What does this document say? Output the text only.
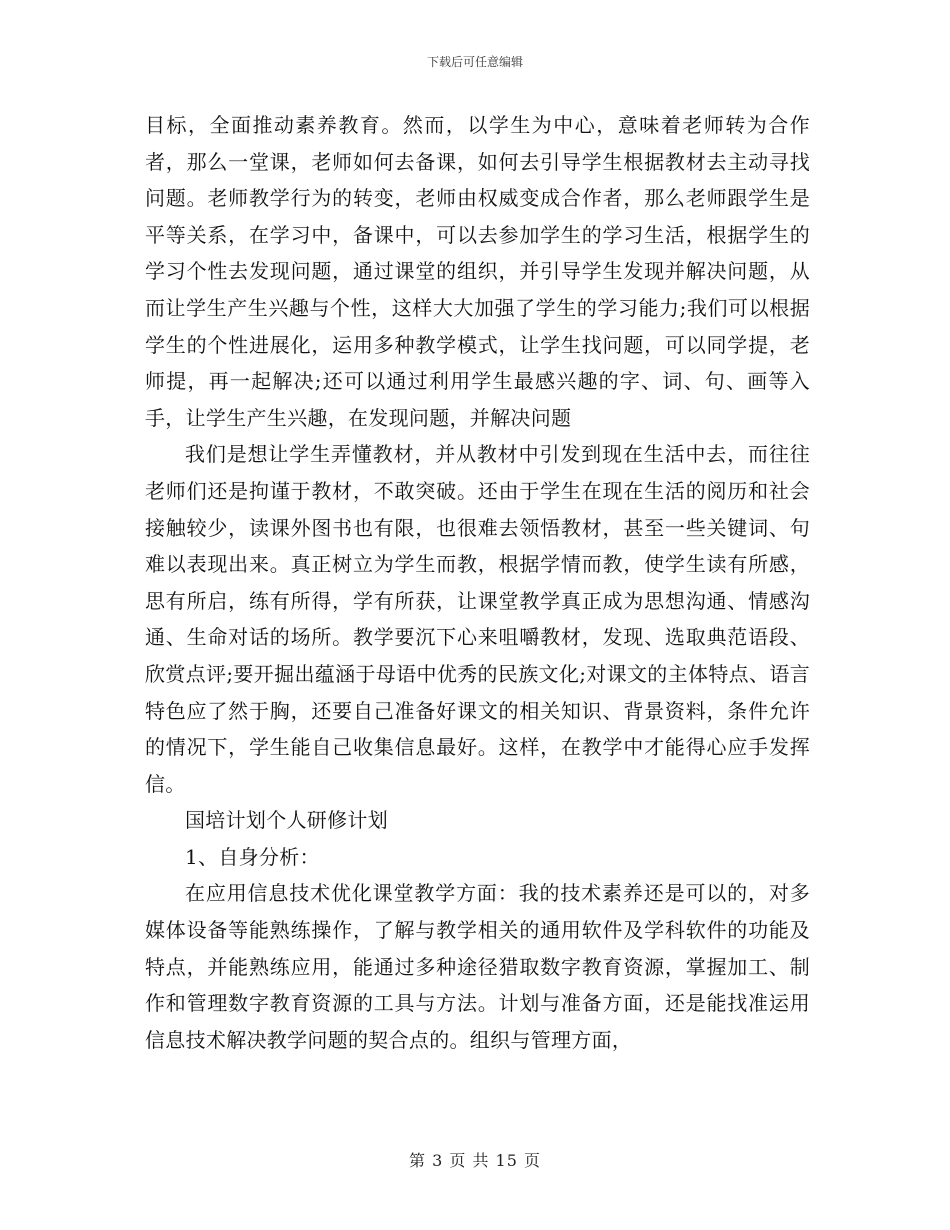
下载后可任意编辑

目标，全面推动素养教育。然而，以学生为中心，意味着老师转为合作者，那么一堂课，老师如何去备课，如何去引导学生根据教材去主动寻找问题。老师教学行为的转变，老师由权威变成合作者，那么老师跟学生是平等关系，在学习中，备课中，可以去参加学生的学习生活，根据学生的学习个性去发现问题，通过课堂的组织，并引导学生发现并解决问题，从而让学生产生兴趣与个性，这样大大加强了学生的学习能力;我们可以根据学生的个性进展化，运用多种教学模式，让学生找问题，可以同学提，老师提，再一起解决;还可以通过利用学生最感兴趣的字、词、句、画等入手，让学生产生兴趣，在发现问题，并解决问题

我们是想让学生弄懂教材，并从教材中引发到现在生活中去，而往往老师们还是拘谨于教材，不敢突破。还由于学生在现在生活的阅历和社会接触较少，读课外图书也有限，也很难去领悟教材，甚至一些关键词、句难以表现出来。真正树立为学生而教，根据学情而教，使学生读有所感，思有所启，练有所得，学有所获，让课堂教学真正成为思想沟通、情感沟通、生命对话的场所。教学要沉下心来咀嚼教材，发现、选取典范语段、欣赏点评;要开掘出蕴涵于母语中优秀的民族文化;对课文的主体特点、语言特色应了然于胸，还要自己准备好课文的相关知识、背景资料，条件允许的情况下，学生能自己收集信息最好。这样，在教学中才能得心应手发挥信。

国培计划个人研修计划

1、自身分析：

在应用信息技术优化课堂教学方面：我的技术素养还是可以的，对多媒体设备等能熟练操作，了解与教学相关的通用软件及学科软件的功能及特点，并能熟练应用，能通过多种途径猎取数字教育资源，掌握加工、制作和管理数字教育资源的工具与方法。计划与准备方面，还是能找准运用信息技术解决教学问题的契合点的。组织与管理方面，

第 3 页 共 15 页
